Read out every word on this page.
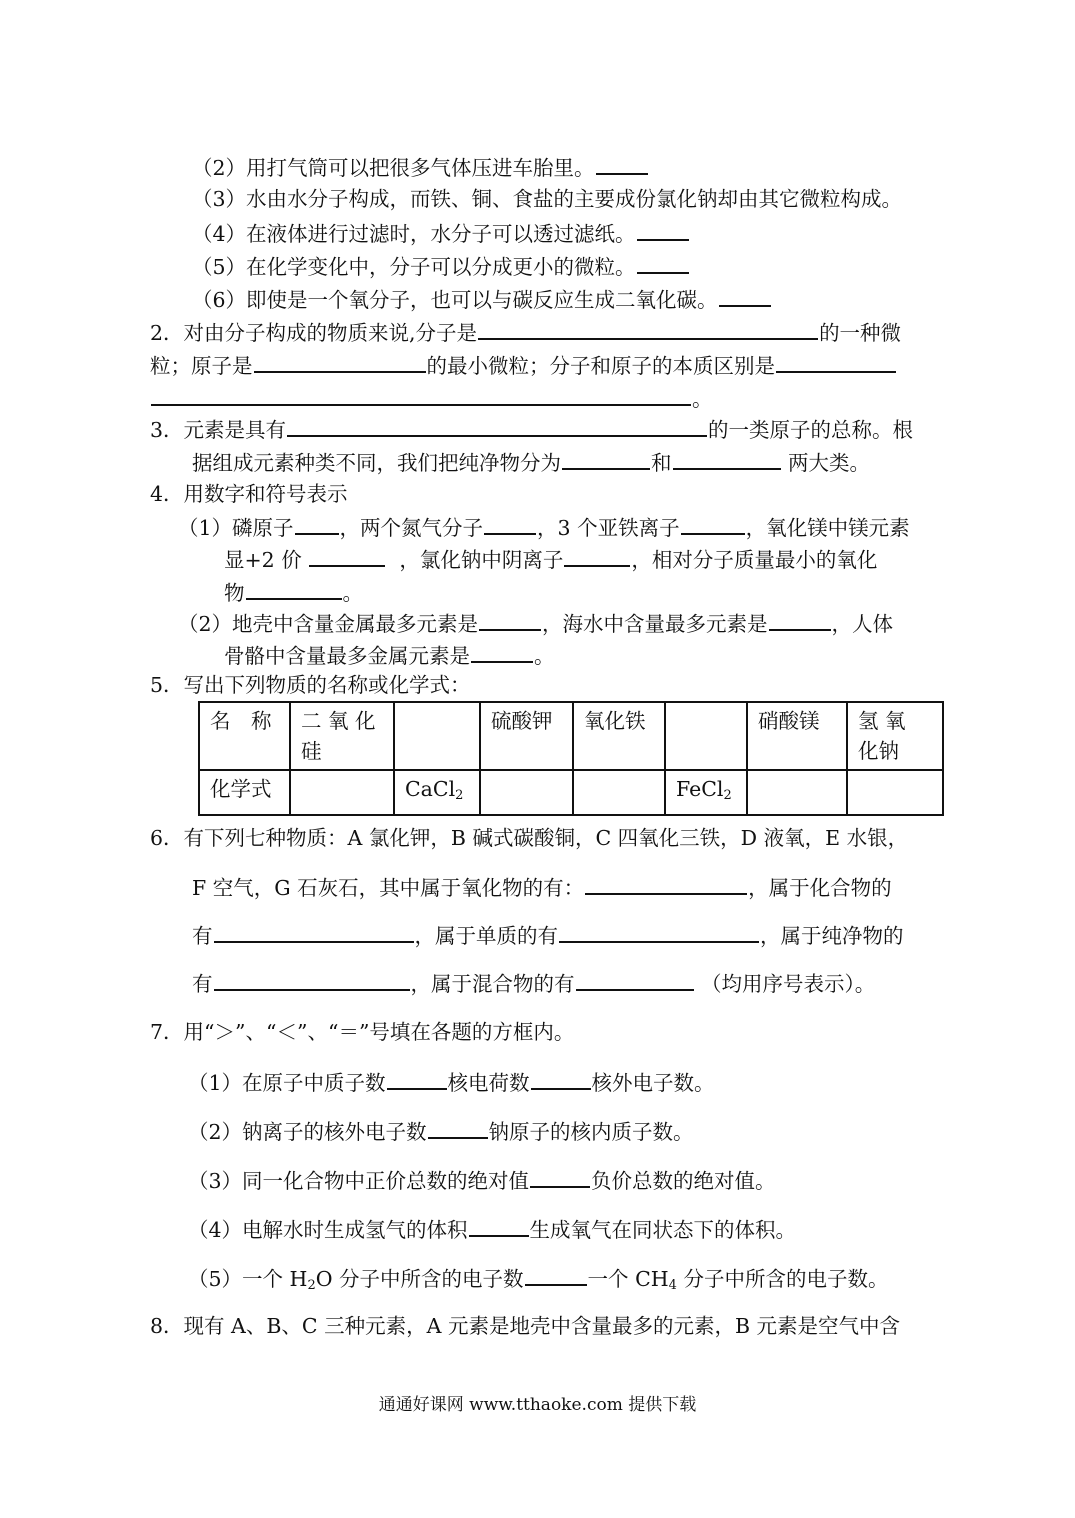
（2）用打气筒可以把很多气体压进车胎里。
（3）水由水分子构成，而铁、铜、食盐的主要成份氯化钠却由其它微粒构成。
（4）在液体进行过滤时，水分子可以透过滤纸。
（5）在化学变化中，分子可以分成更小的微粒。
（6）即使是一个氧分子，也可以与碳反应生成二氧化碳。
2．对由分子构成的物质来说,分子是	的一种微
粒；原子是	的最小微粒；分子和原子的本质区别是
。
3．元素是具有	的一类原子的总称。根
据组成元素种类不同，我们把纯净物分为	和	两大类。
4．用数字和符号表示
（1）磷原子 ，两个氮气分子	，3 个亚铁离子	，氧化镁中镁元素
显+2 价	，氯化钠中阴离子	，相对分子质量最小的氧化
物	。
（2）地壳中含量金属最多元素是	，海水中含量最多元素是	，人体
骨骼中含量最多金属元素是	。
5．写出下列物质的名称或化学式：
名　称	二 氧 化硅		硫酸钾	氧化铁		硝酸镁	氢 氧 化钠
化学式		CaCl$_2$			FeCl$_2$		
6．有下列七种物质：A 氯化钾，B 碱式碳酸铜，C 四氧化三铁，D 液氧，E 水银，
F 空气，G 石灰石，其中属于氧化物的有：	，属于化合物的
有	，属于单质的有	，属于纯净物的
有	，属于混合物的有	（均用序号表示）。
7．用“＞”、“＜”、“＝”号填在各题的方框内。
（1）在原子中质子数	核电荷数	核外电子数。
（2）钠离子的核外电子数	钠原子的核内质子数。
（3）同一化合物中正价总数的绝对值	负价总数的绝对值。
（4）电解水时生成氢气的体积	生成氧气在同状态下的体积。
（5）一个 $H_2O$ 分子中所含的电子数	一个 $CH_4$ 分子中所含的电子数。
8．现有 A、B、C 三种元素，A 元素是地壳中含量最多的元素，B 元素是空气中含
通通好课网 www.tthaoke.com 提供下载
